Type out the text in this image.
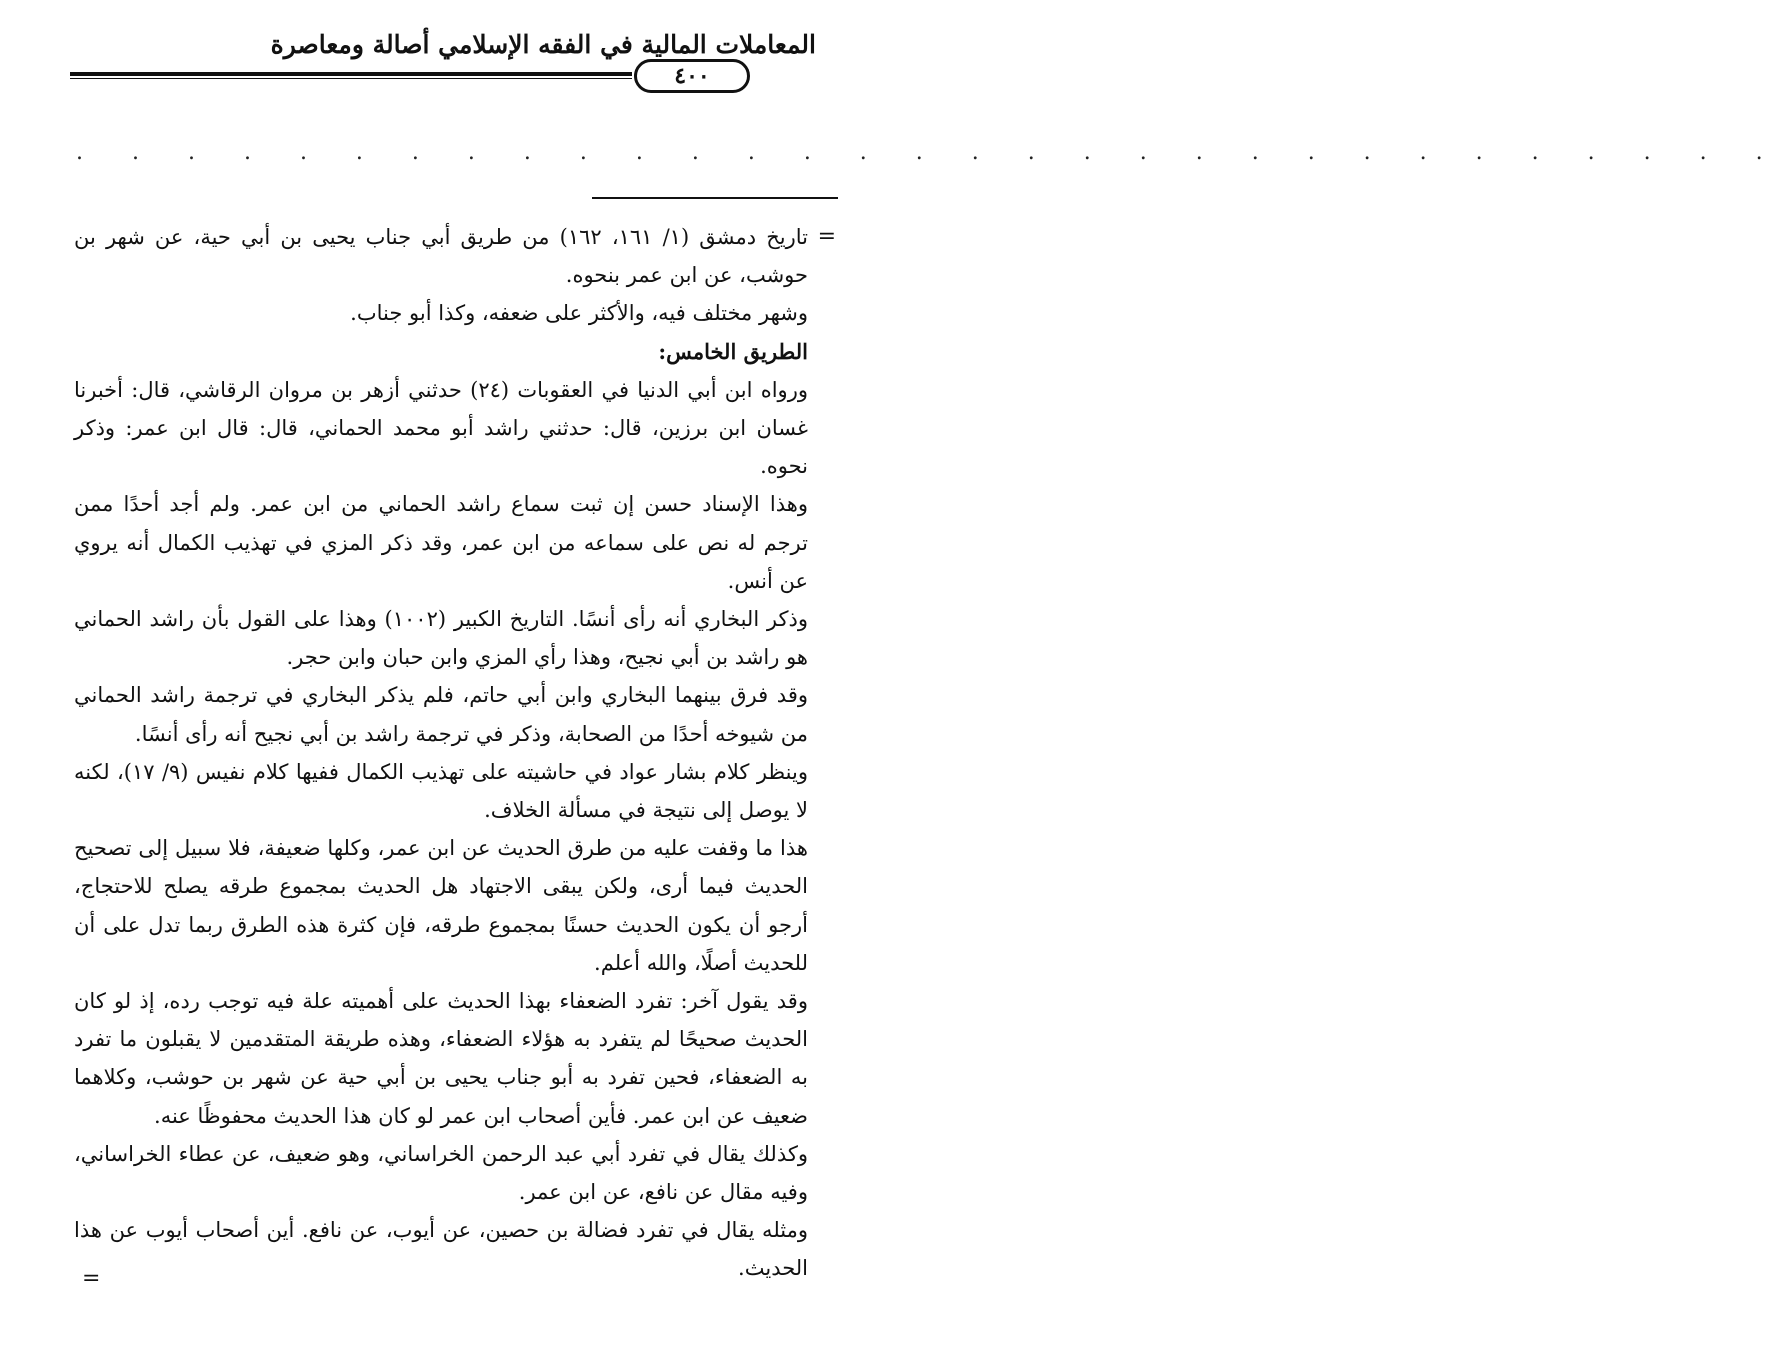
المعاملات المالية في الفقه الإسلامي أصالة ومعاصرة
٤٠٠
. . . . . . . . . . . . . . . . . . . . . . . . . . . . . . .
=

تاريخ دمشق (١/ ١٦١، ١٦٢) من طريق أبي جناب يحيى بن أبي حية، عن شهر بن حوشب، عن ابن عمر بنحوه.

وشهر مختلف فيه، والأكثر على ضعفه، وكذا أبو جناب.

الطريق الخامس:

ورواه ابن أبي الدنيا في العقوبات (٢٤) حدثني أزهر بن مروان الرقاشي، قال: أخبرنا غسان ابن برزين، قال: حدثني راشد أبو محمد الحماني، قال: قال ابن عمر: وذكر نحوه.

وهذا الإسناد حسن إن ثبت سماع راشد الحماني من ابن عمر. ولم أجد أحدًا ممن ترجم له نص على سماعه من ابن عمر، وقد ذكر المزي في تهذيب الكمال أنه يروي عن أنس.

وذكر البخاري أنه رأى أنسًا. التاريخ الكبير (١٠٠٢) وهذا على القول بأن راشد الحماني هو راشد بن أبي نجيح، وهذا رأي المزي وابن حبان وابن حجر.

وقد فرق بينهما البخاري وابن أبي حاتم، فلم يذكر البخاري في ترجمة راشد الحماني من شيوخه أحدًا من الصحابة، وذكر في ترجمة راشد بن أبي نجيح أنه رأى أنسًا.

وينظر كلام بشار عواد في حاشيته على تهذيب الكمال ففيها كلام نفيس (٩/ ١٧)، لكنه لا يوصل إلى نتيجة في مسألة الخلاف.

هذا ما وقفت عليه من طرق الحديث عن ابن عمر، وكلها ضعيفة، فلا سبيل إلى تصحيح الحديث فيما أرى، ولكن يبقى الاجتهاد هل الحديث بمجموع طرقه يصلح للاحتجاج، أرجو أن يكون الحديث حسنًا بمجموع طرقه، فإن كثرة هذه الطرق ربما تدل على أن للحديث أصلًا، والله أعلم.

وقد يقول آخر: تفرد الضعفاء بهذا الحديث على أهميته علة فيه توجب رده، إذ لو كان الحديث صحيحًا لم يتفرد به هؤلاء الضعفاء، وهذه طريقة المتقدمين لا يقبلون ما تفرد به الضعفاء، فحين تفرد به أبو جناب يحيى بن أبي حية عن شهر بن حوشب، وكلاهما ضعيف عن ابن عمر. فأين أصحاب ابن عمر لو كان هذا الحديث محفوظًا عنه.

وكذلك يقال في تفرد أبي عبد الرحمن الخراساني، وهو ضعيف، عن عطاء الخراساني، وفيه مقال عن نافع، عن ابن عمر.

ومثله يقال في تفرد فضالة بن حصين، عن أيوب، عن نافع. أين أصحاب أيوب عن هذا الحديث.

=
